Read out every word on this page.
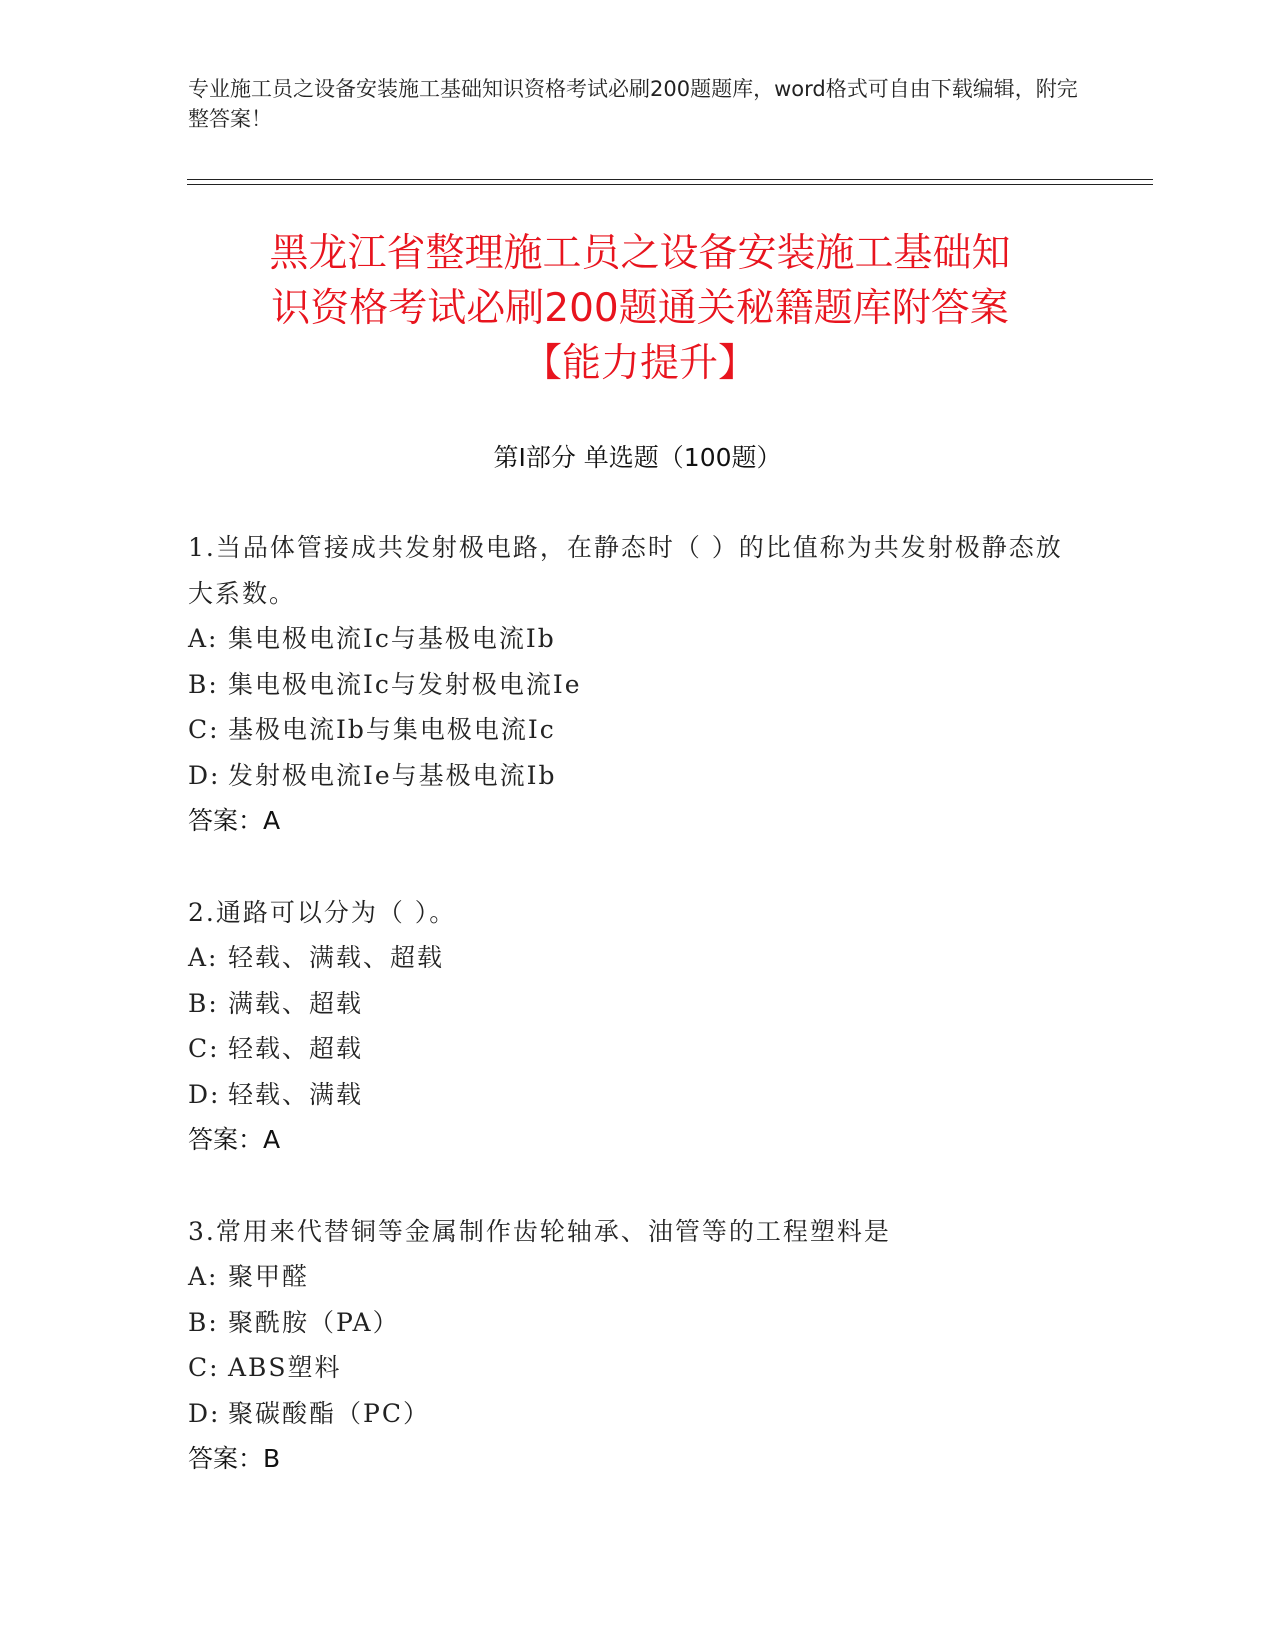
专业施工员之设备安装施工基础知识资格考试必刷200题题库，word格式可自由下载编辑，附完整答案！
黑龙江省整理施工员之设备安装施工基础知
识资格考试必刷200题通关秘籍题库附答案
【能力提升】
第Ⅰ部分 单选题（100题）
1.当品体管接成共发射极电路，在静态时（ ）的比值称为共发射极静态放大系数。
A: 集电极电流Ic与基极电流Ib
B: 集电极电流Ic与发射极电流Ie
C: 基极电流Ib与集电极电流Ic
D: 发射极电流Ie与基极电流Ib
答案：A
2.通路可以分为（ ）。
A: 轻载、满载、超载
B: 满载、超载
C: 轻载、超载
D: 轻载、满载
答案：A
3.常用来代替铜等金属制作齿轮轴承、油管等的工程塑料是
A: 聚甲醛
B: 聚酰胺（PA）
C: ABS塑料
D: 聚碳酸酯（PC）
答案：B
